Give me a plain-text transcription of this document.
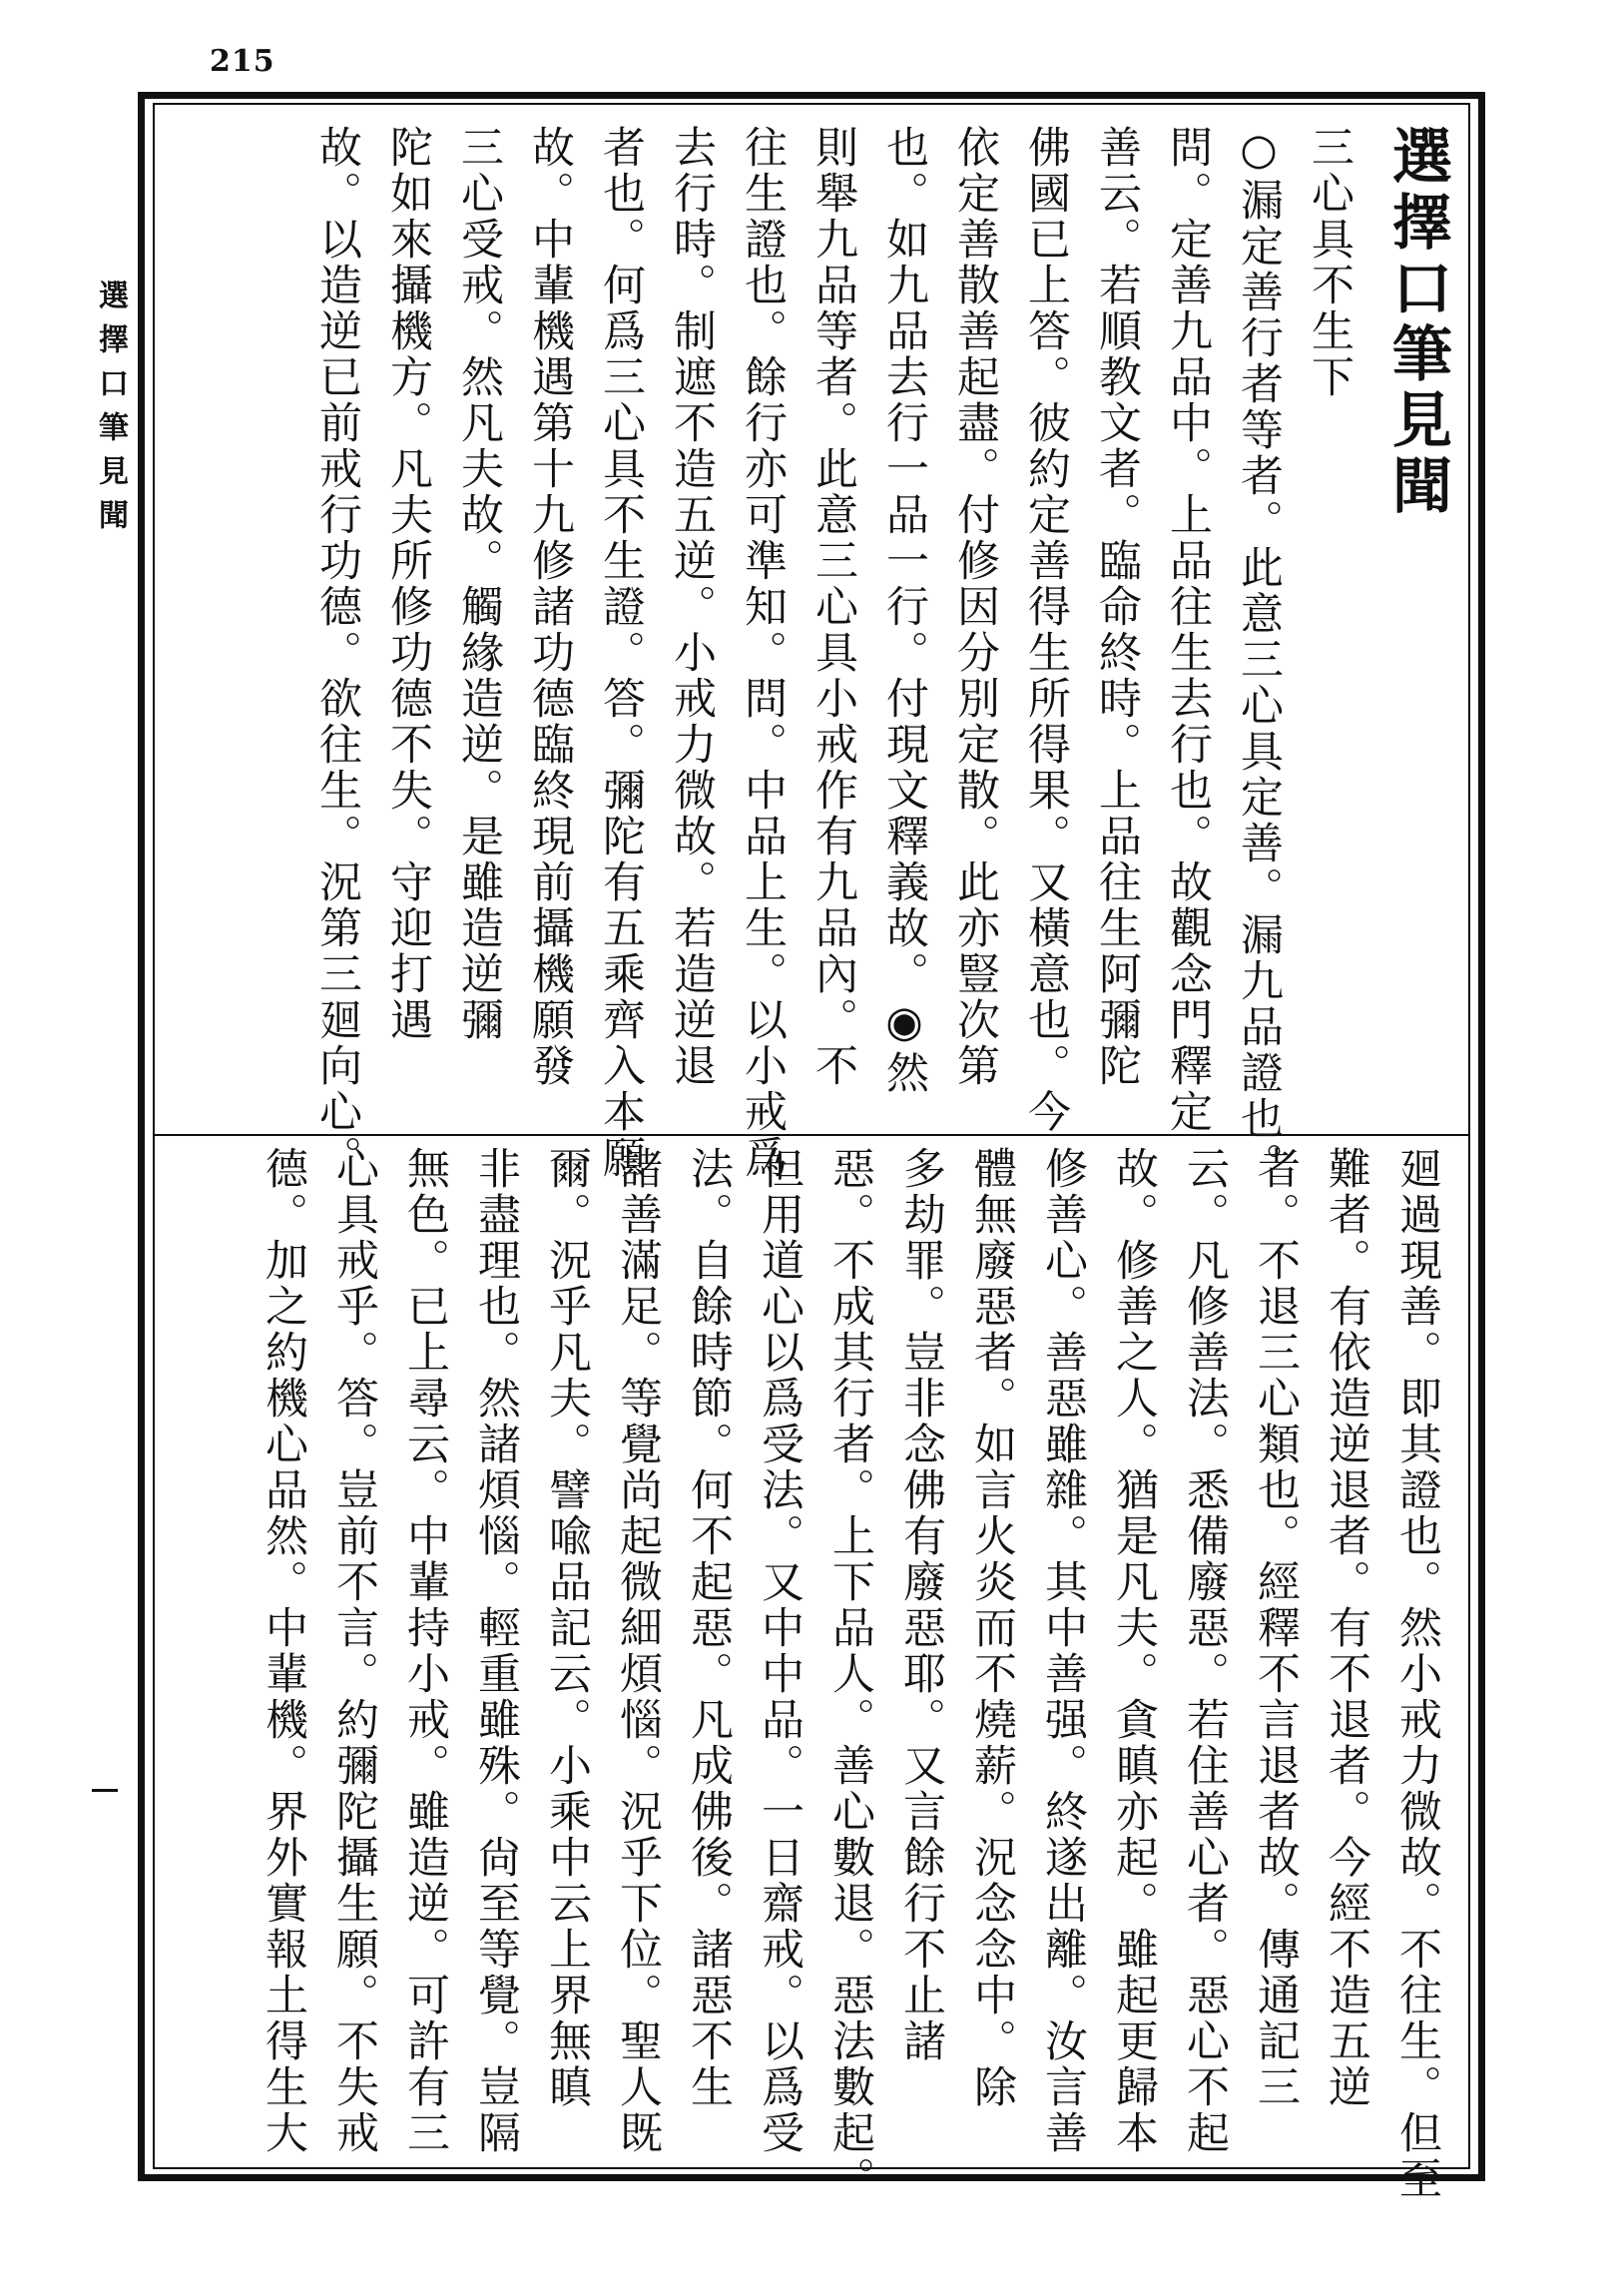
215
選擇口筆見聞	選擇口筆見聞
三心具不生下
○漏定善行者等者。此意三心具定善。漏九品證也。
問。定善九品中。上品往生去行也。故觀念門釋定
善云。若順教文者。臨命終時。上品往生阿彌陀
佛國已上答。彼約定善得生所得果。又橫意也。今
依定善散善起盡。付修因分別定散。此亦豎次第
也。如九品去行一品一行。付現文釋義故。◉然
則舉九品等者。此意三心具小戒作有九品內。不
往生證也。餘行亦可準知。問。中品上生。以小戒爲
去行時。制遮不造五逆。小戒力微故。若造逆退
者也。何爲三心具不生證。答。彌陀有五乘齊入本願
故。中輩機遇第十九修諸功德臨終現前攝機願發
三心受戒。然凡夫故。觸緣造逆。是雖造逆彌
陀如來攝機方。凡夫所修功德不失。守迎打遇
故。以造逆已前戒行功德。欲往生。況第三廻向心。
廻過現善。即其證也。然小戒力微故。不往生。但至
難者。有依造逆退者。有不退者。今經不造五逆
者。不退三心類也。經釋不言退者故。傳通記三
云。凡修善法。悉備廢惡。若住善心者。惡心不起
故。修善之人。猶是凡夫。貪瞋亦起。雖起更歸本
修善心。善惡雖雜。其中善强。終遂出離。汝言善
體無廢惡者。如言火炎而不燒薪。況念念中。除
多劫罪。豈非念佛有廢惡耶。又言餘行不止諸
惡。不成其行者。上下品人。善心數退。惡法數起。
但用道心以爲受法。又中中品。一日齋戒。以爲受
法。自餘時節。何不起惡。凡成佛後。諸惡不生
諸善滿足。等覺尚起微細煩惱。況乎下位。聖人既
爾。況乎凡夫。譬喩品記云。小乘中云上界無瞋
非盡理也。然諸煩惱。輕重雖殊。尙至等覺。豈隔
無色。已上尋云。中輩持小戒。雖造逆。可許有三
心具戒乎。答。豈前不言。約彌陀攝生願。不失戒
德。加之約機心品然。中輩機。界外實報土得生大
